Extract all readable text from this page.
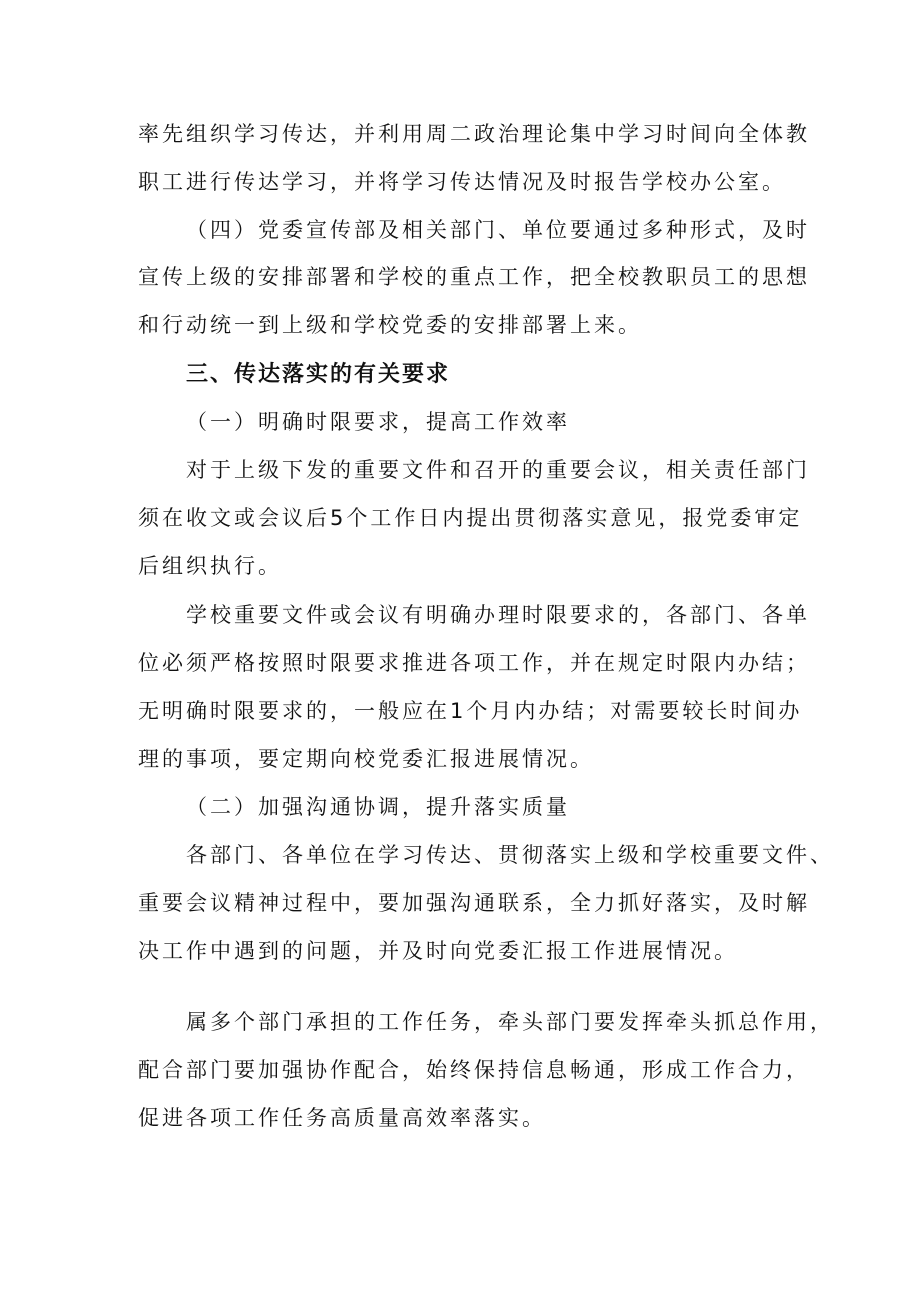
率先组织学习传达，并利用周二政治理论集中学习时间向全体教
职工进行传达学习，并将学习传达情况及时报告学校办公室。
（四）党委宣传部及相关部门、单位要通过多种形式，及时
宣传上级的安排部署和学校的重点工作，把全校教职员工的思想
和行动统一到上级和学校党委的安排部署上来。
三、传达落实的有关要求
（一）明确时限要求，提高工作效率
对于上级下发的重要文件和召开的重要会议，相关责任部门
须在收文或会议后5个工作日内提出贯彻落实意见，报党委审定
后组织执行。
学校重要文件或会议有明确办理时限要求的，各部门、各单
位必须严格按照时限要求推进各项工作，并在规定时限内办结；
无明确时限要求的，一般应在1个月内办结；对需要较长时间办
理的事项，要定期向校党委汇报进展情况。
（二）加强沟通协调，提升落实质量
各部门、各单位在学习传达、贯彻落实上级和学校重要文件、
重要会议精神过程中，要加强沟通联系，全力抓好落实，及时解
决工作中遇到的问题，并及时向党委汇报工作进展情况。
属多个部门承担的工作任务，牵头部门要发挥牵头抓总作用，
配合部门要加强协作配合，始终保持信息畅通，形成工作合力，
促进各项工作任务高质量高效率落实。
